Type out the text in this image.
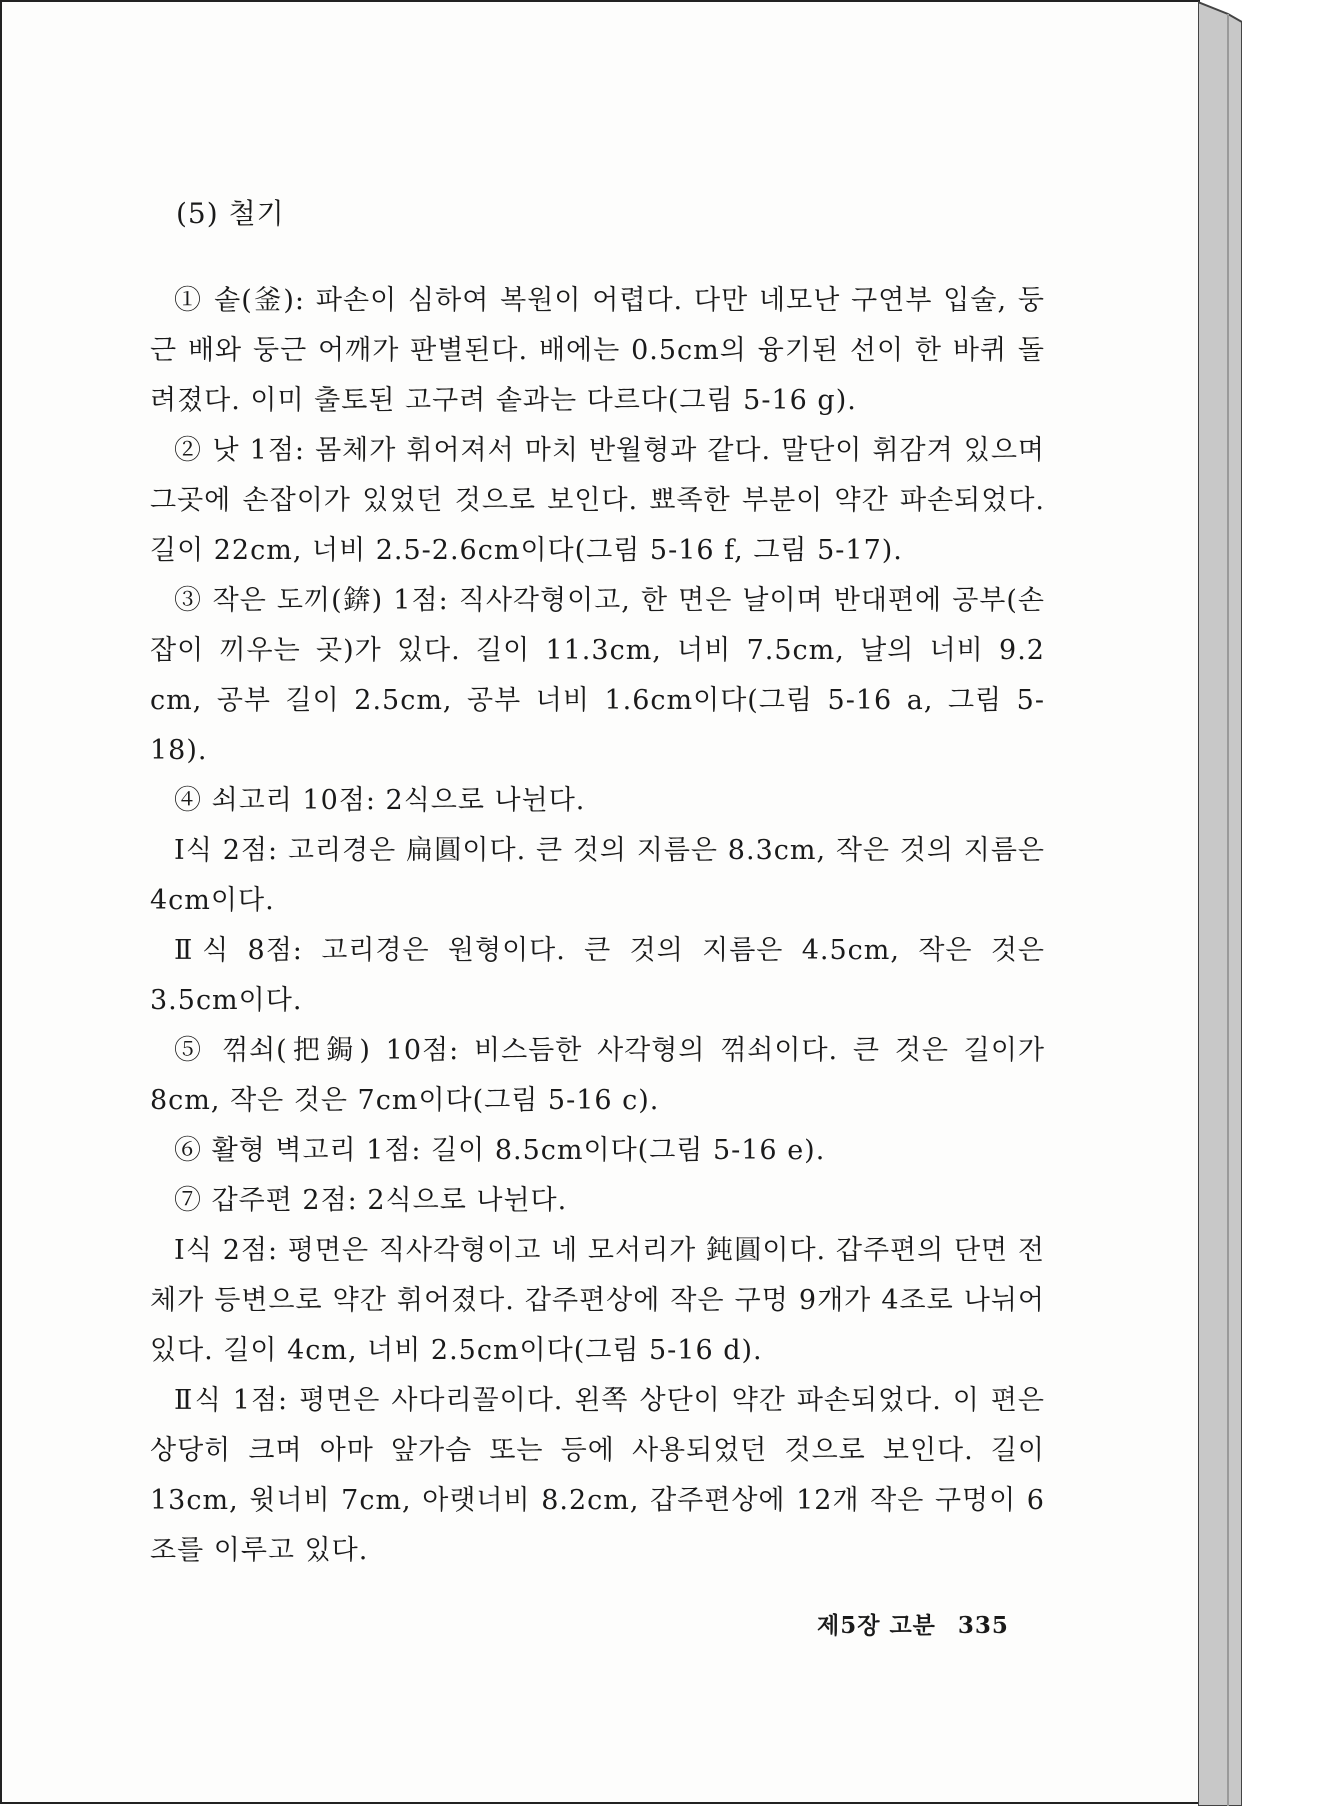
(5) 철기

① 솥(釜): 파손이 심하여 복원이 어렵다. 다만 네모난 구연부 입술, 둥근 배와 둥근 어깨가 판별된다. 배에는 0.5cm의 융기된 선이 한 바퀴 돌려졌다. 이미 출토된 고구려 솥과는 다르다(그림 5-16 g).

② 낫 1점: 몸체가 휘어져서 마치 반월형과 같다. 말단이 휘감겨 있으며 그곳에 손잡이가 있었던 것으로 보인다. 뾰족한 부분이 약간 파손되었다. 길이 22cm, 너비 2.5-2.6cm이다(그림 5-16 f, 그림 5-17).

③ 작은 도끼(錛) 1점: 직사각형이고, 한 면은 날이며 반대편에 공부(손잡이 끼우는 곳)가 있다. 길이 11.3cm, 너비 7.5cm, 날의 너비 9.2 cm, 공부 길이 2.5cm, 공부 너비 1.6cm이다(그림 5-16 a, 그림 5-18).

④ 쇠고리 10점: 2식으로 나뉜다.

Ⅰ식 2점: 고리경은 扁圓이다. 큰 것의 지름은 8.3cm, 작은 것의 지름은 4cm이다.

Ⅱ식 8점: 고리경은 원형이다. 큰 것의 지름은 4.5cm, 작은 것은 3.5cm이다.

⑤ 꺾쇠(把鋦) 10점: 비스듬한 사각형의 꺾쇠이다. 큰 것은 길이가 8cm, 작은 것은 7cm이다(그림 5-16 c).

⑥ 활형 벽고리 1점: 길이 8.5cm이다(그림 5-16 e).

⑦ 갑주편 2점: 2식으로 나뉜다.

Ⅰ식 2점: 평면은 직사각형이고 네 모서리가 鈍圓이다. 갑주편의 단면 전체가 등변으로 약간 휘어졌다. 갑주편상에 작은 구멍 9개가 4조로 나뉘어 있다. 길이 4cm, 너비 2.5cm이다(그림 5-16 d).

Ⅱ식 1점: 평면은 사다리꼴이다. 왼쪽 상단이 약간 파손되었다. 이 편은 상당히 크며 아마 앞가슴 또는 등에 사용되었던 것으로 보인다. 길이 13cm, 윗너비 7cm, 아랫너비 8.2cm, 갑주편상에 12개 작은 구멍이 6조를 이루고 있다.

제5장 고분 335
